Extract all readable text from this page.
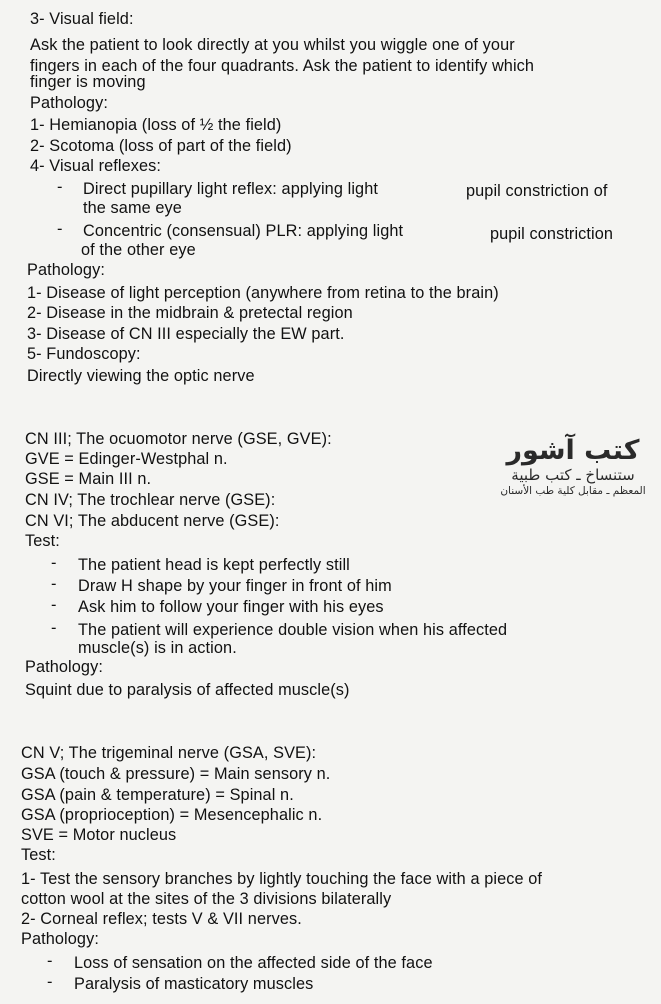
3- Visual field:
Ask the patient to look directly at you whilst you wiggle one of your
fingers in each of the four quadrants. Ask the patient to identify which
finger is moving
Pathology:
1- Hemianopia (loss of ½ the field)
2- Scotoma (loss of part of the field)
4- Visual reflexes:
- Direct pupillary light reflex: applying light	pupil constriction of
the same eye
- Concentric (consensual) PLR: applying light	pupil constriction
of the other eye
Pathology:
1- Disease of light perception (anywhere from retina to the brain)
2- Disease in the midbrain & pretectal region
3- Disease of CN III especially the EW part.
5- Fundoscopy:
Directly viewing the optic nerve
CN III; The ocuomotor nerve (GSE, GVE):
GVE = Edinger-Westphal n.
GSE = Main III n.
CN IV; The trochlear nerve (GSE):
CN VI; The abducent nerve (GSE):
Test:
- The patient head is kept perfectly still
- Draw H shape by your finger in front of him
- Ask him to follow your finger with his eyes
- The patient will experience double vision when his affected
muscle(s) is in action.
Pathology:
Squint due to paralysis of affected muscle(s)
كتب آشور
ستنساخ ـ كتب طبية
المعظم ـ مقابل كلية طب الأسنان
CN V; The trigeminal nerve (GSA, SVE):
GSA (touch & pressure) = Main sensory n.
GSA (pain & temperature) = Spinal n.
GSA (proprioception) = Mesencephalic n.
SVE = Motor nucleus
Test:
1- Test the sensory branches by lightly touching the face with a piece of
cotton wool at the sites of the 3 divisions bilaterally
2- Corneal reflex; tests V & VII nerves.
Pathology:
- Loss of sensation on the affected side of the face
- Paralysis of masticatory muscles
